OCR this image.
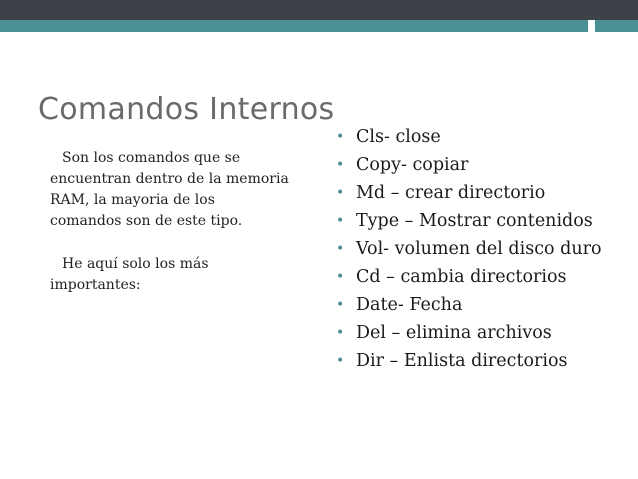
Comandos Internos

Son los comandos que se encuentran dentro de la memoria RAM, la mayoria de los comandos son de este tipo.

He aquí solo los más importantes:

• Cls- close
• Copy- copiar
• Md – crear directorio
• Type – Mostrar contenidos
• Vol- volumen del disco duro
• Cd – cambia directorios
• Date- Fecha
• Del – elimina archivos
• Dir – Enlista directorios
